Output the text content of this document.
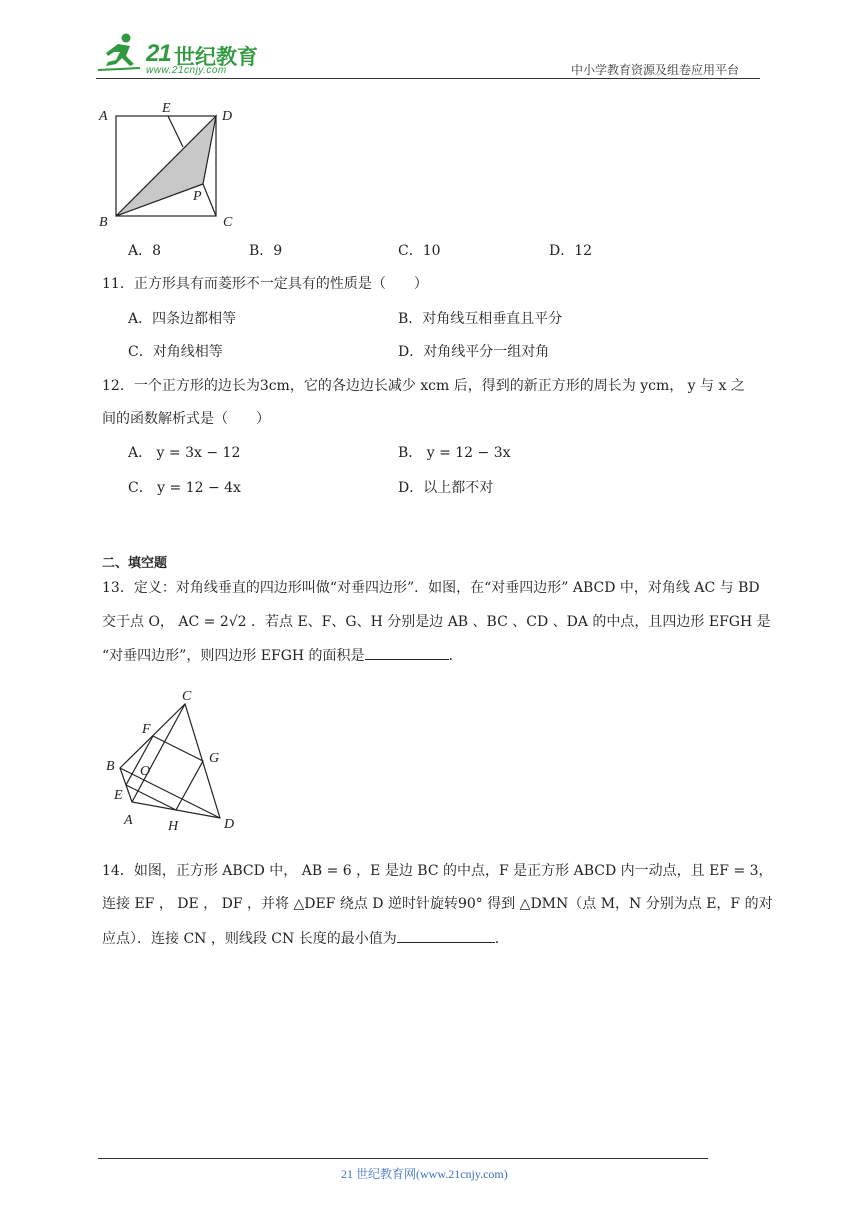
21 世纪教育
www.21cnjy.com	中小学教育资源及组卷应用平台
A
E
D
P
B	C
A．8	B．9	C．10	D．12
11．正方形具有而菱形不一定具有的性质是（　　）
A．四条边都相等	B．对角线互相垂直且平分
C．对角线相等	D．对角线平分一组对角
12．一个正方形的边长为3cm，它的各边边长减少 xcm 后，得到的新正方形的周长为 ycm， y 与 x 之
间的函数解析式是（　　）
A． y = 3x − 12	B． y = 12 − 3x
C． y = 12 − 4x	D．以上都不对
二、填空题
13．定义：对角线垂直的四边形叫做“对垂四边形”．如图，在“对垂四边形” ABCD 中，对角线 AC 与 BD
交于点 O， AC = 2√2 ．若点 E、F、G、H 分别是边 AB 、BC 、CD 、DA 的中点，且四边形 EFGH 是
“对垂四边形”，则四边形 EFGH 的面积是	.
C
F
G
B O
E
A	H	D
14．如图，正方形 ABCD 中， AB = 6 ，E 是边 BC 的中点，F 是正方形 ABCD 内一动点，且 EF = 3，
连接 EF ， DE ， DF ，并将 △DEF 绕点 D 逆时针旋转90° 得到 △DMN（点 M，N 分别为点 E，F 的对
应点）．连接 CN ，则线段 CN 长度的最小值为	.
21 世纪教育网(www.21cnjy.com)
